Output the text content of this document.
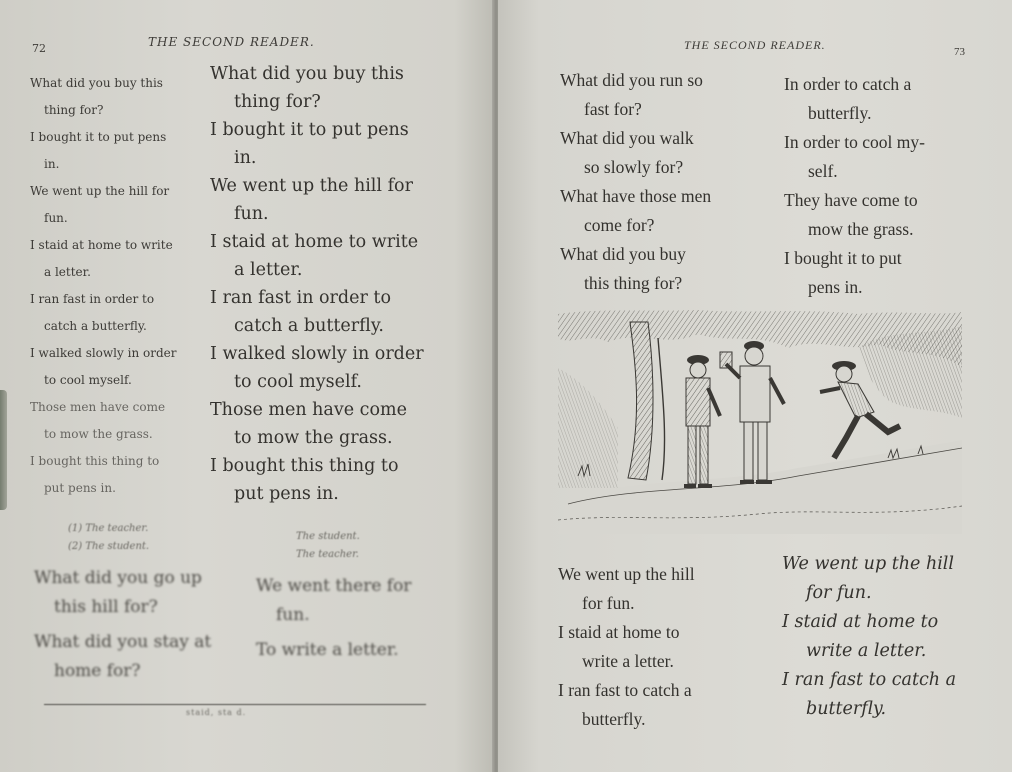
72	THE SECOND READER.

What did you buy this

thing for?

I bought it to put pens

in.

We went up the hill for

fun.

I staid at home to write

a letter.

I ran fast in order to

catch a butterfly.

I walked slowly in order

to cool myself.

Those men have come

to mow the grass.

I bought this thing to

put pens in.

What did you buy this

thing for?

I bought it to put pens

in.

We went up the hill for

fun.

I staid at home to write

a letter.

I ran fast in order to

catch a butterfly.

I walked slowly in order

to cool myself.

Those men have come

to mow the grass.

I bought this thing to

put pens in.

(1) The teacher.
(2) The student.
The student.
The teacher.

What did you go up

this hill for?

What did you stay at

home for?

We went there for

fun.

To write a letter.

staid, sta d.
THE SECOND READER.	73

What did you run so

fast for?

What did you walk

so slowly for?

What have those men

come for?

What did you buy

this thing for?

In order to catch a

butterfly.

In order to cool my-

self.

They have come to

mow the grass.

I bought it to put

pens in.

We went up the hill

for fun.

I staid at home to

write a letter.

I ran fast to catch a

butterfly.

We went up the hill

for fun.

I staid at home to

write a letter.

I ran fast to catch a

butterfly.
